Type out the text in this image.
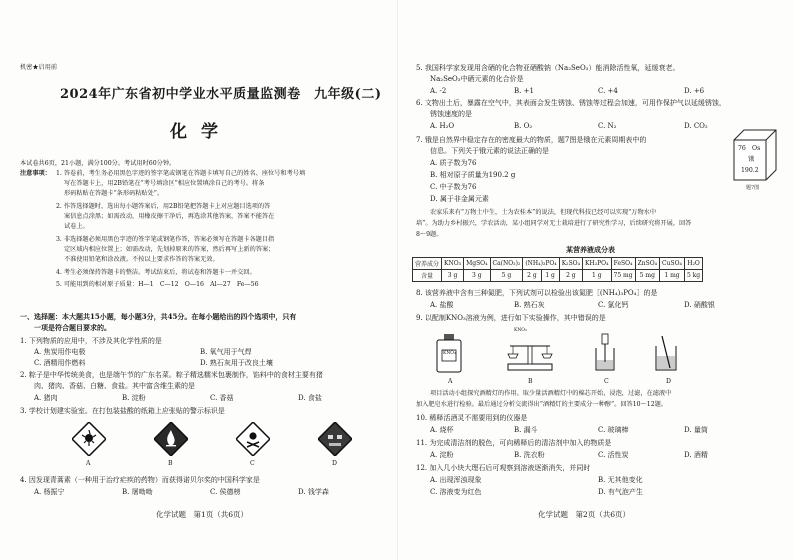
机密★启用前
2024年广东省初中学业水平质量监测卷　九年级(二)
化学
本试卷共6页，21小题，满分100分。考试用时60分钟。
注意事项： 1. 答卷前，考生务必用黑色字迹的签字笔或钢笔在答题卡填写自己的姓名、座位号和考号填
写在答题卡上，用2B铅笔在“考号填涂区”相应位置填涂自己的考号。将条
形码粘贴在答题卡“条形码粘贴处”。
2. 作答选择题时，选出每小题答案后，用2B铅笔把答题卡上对应题目选项的答
案信息点涂黑；如需改动，用橡皮擦干净后，再选涂其他答案，答案不能答在
试卷上。
3. 非选择题必须用黑色字迹的签字笔或钢笔作答，答案必须写在答题卡各题目指
定区域内相应位置上；如需改动，先划掉原来的答案，然后再写上新的答案；
不准使用铅笔和涂改液。不按以上要求作答的答案无效。
4. 考生必须保持答题卡的整洁。考试结束后，将试卷和答题卡一并交回。
5. 可能用到的相对原子质量：H—1　C—12　O—16　Al—27　Fe—56
一、选择题：本大题共15小题，每小题3分，共45分。在每小题给出的四个选项中，只有
一项是符合题目要求的。
1. 下列物质的应用中，不涉及其化学性质的是
A. 焦炭用作电极	B. 氧气用于气焊
C. 酒精用作燃料	D. 熟石灰用于改良土壤
2. 粽子是中华传统美食，也是端午节的广东名菜。粽子精选糯米包裹制作，馅料中的食材主要有猪
肉、猪肉、香菇、白糖、食盐。其中富含维生素的是
A. 猪肉	B. 淀粉	C. 香菇	D. 食盐
3. 学校计划建实验室。在打包装盐酸的纸箱上应张贴的警示标识是
A	B	C	D
4. 因发现青蒿素（一种用于治疗疟疾的药物）而获得诺贝尔奖的中国科学家是
A. 杨振宁	B. 屠呦呦	C. 侯德榜	D. 钱学森
化学试题　第1页（共6页）
5. 我国科学家发现用含硒的化合物亚硒酸钠（Na₂SeO₃）能消除活性氧，延缓衰老。
Na₂SeO₃中硒元素的化合价是
A. -2	B. +1	C. +4	D. +6
6. 文物出土后，暴露在空气中，其表面会发生锈蚀、锈蚀等过程会加速，可用作保护气以延缓锈蚀，
锈蚀速度的是
A. H₂O	B. O₂	C. N₂	D. CO₂
7. 锇是自然界中稳定存在的密度最大的物质，题7图是锇在元素周期表中的
信息。下列关于锇元素的说法正确的是
A. 质子数为76
B. 相对原子质量为190.2 g
C. 中子数为76
D. 属于非金属元素
76 Os
锇
190.2
题7图
农家乐来有“万物土中生，土为农桂本”的说法，但现代科技已经可以实现“万物水中
培”。为助力乡村振兴，学农活动，某小组同学对无土栽培进行了研究性学习，后续研究将开展，回答
8～9题。
某营养液成分表
营养成分	KNO₃	MgSO₄	Ca(NO₃)₂	(NH₄)₃PO₄		K₂SO₄	KH₂PO₄	FeSO₄	ZnSO₄	CuSO₄	H₂O
含量	3 g	3 g	5 g	2 g	1 g	2 g	1 g	75 mg	5 mg	1 mg	5 kg
8. 该营养液中含有三种氮肥，下列试剂可以检验出该氮肥［(NH₄)₃PO₄］的是
A. 盐酸	B. 熟石灰	C. 氯化钙	D. 硝酸银
9. 以配制KNO₃溶液为例，进行如下实验操作，其中错误的是
KNO₃
KNO₃
A	B	C	D
项目活动小组探究酒精灯的作用。取少量活酒精灯中的棉芯开始，浸泡，过滤，在滤液中
加入肥皂水进行检验。最后通过分析交流得出“酒精灯的主要成分一种醇”。回答10～12题。
10. 稀释活酒灵不需要用到的仪器是
A. 烧杯	B. 漏斗	C. 玻璃棒	D. 量筒
11. 为完成清洁剂的脱色，可向稀释后的清洁剂中加入的物质是
A. 淀粉	B. 洗衣粉	C. 活性炭	D. 酒精
12. 加入几小块大理石后可观察到溶液逐渐消失，并同时
A. 出现浑浊现象	B. 无其他变化
C. 溶液变为红色	D. 有气泡产生
化学试题　第2页（共6页）
